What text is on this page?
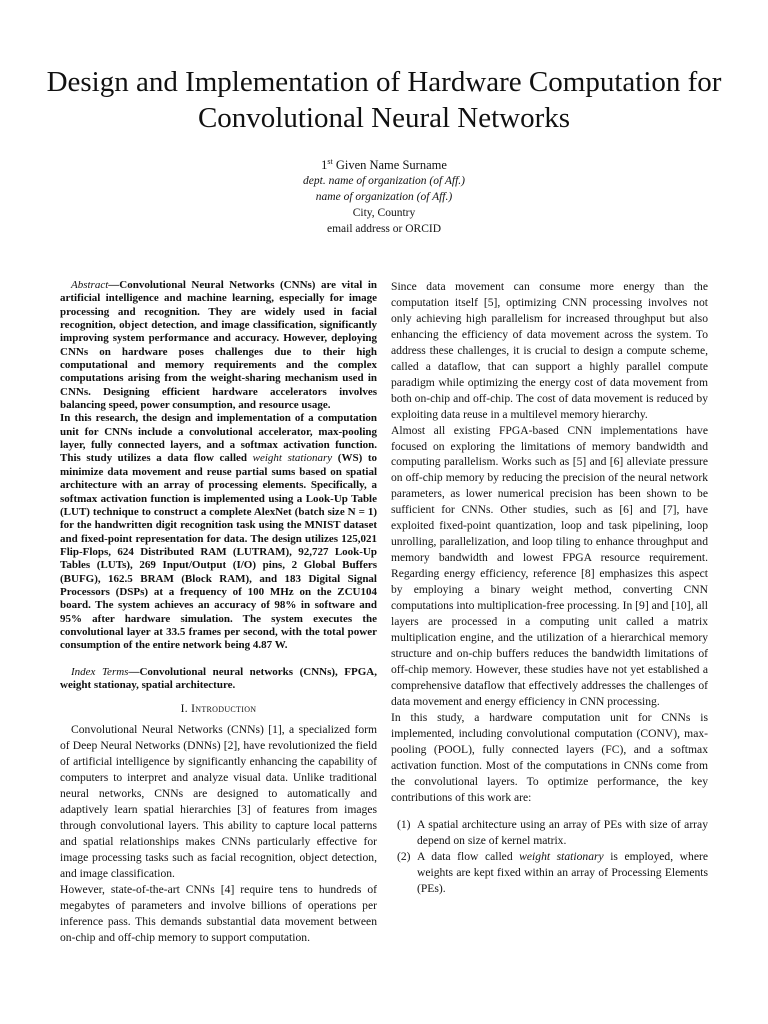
Design and Implementation of Hardware Computation for Convolutional Neural Networks
1st Given Name Surname
dept. name of organization (of Aff.)
name of organization (of Aff.)
City, Country
email address or ORCID

Abstract—Convolutional Neural Networks (CNNs) are vital in artificial intelligence and machine learning, especially for image processing and recognition. They are widely used in facial recognition, object detection, and image classification, significantly improving system performance and accuracy. However, deploying CNNs on hardware poses challenges due to their high computational and memory requirements and the complex computations arising from the weight-sharing mechanism used in CNNs. Designing efficient hardware accelerators involves balancing speed, power consumption, and resource usage.

In this research, the design and implementation of a computation unit for CNNs include a convolutional accelerator, max-pooling layer, fully connected layers, and a softmax activation function. This study utilizes a data flow called weight stationary (WS) to minimize data movement and reuse partial sums based on spatial architecture with an array of processing elements. Specifically, a softmax activation function is implemented using a Look-Up Table (LUT) technique to construct a complete AlexNet (batch size N = 1) for the handwritten digit recognition task using the MNIST dataset and fixed-point representation for data. The design utilizes 125,021 Flip-Flops, 624 Distributed RAM (LUTRAM), 92,727 Look-Up Tables (LUTs), 269 Input/Output (I/O) pins, 2 Global Buffers (BUFG), 162.5 BRAM (Block RAM), and 183 Digital Signal Processors (DSPs) at a frequency of 100 MHz on the ZCU104 board. The system achieves an accuracy of 98% in software and 95% after hardware simulation. The system executes the convolutional layer at 33.5 frames per second, with the total power consumption of the entire network being 4.87 W.

Index Terms—Convolutional neural networks (CNNs), FPGA, weight stationay, spatial architecture.

I. Introduction

Convolutional Neural Networks (CNNs) [1], a specialized form of Deep Neural Networks (DNNs) [2], have revolutionized the field of artificial intelligence by significantly enhancing the capability of computers to interpret and analyze visual data. Unlike traditional neural networks, CNNs are designed to automatically and adaptively learn spatial hierarchies [3] of features from images through convolutional layers. This ability to capture local patterns and spatial relationships makes CNNs particularly effective for image processing tasks such as facial recognition, object detection, and image classification.

However, state-of-the-art CNNs [4] require tens to hundreds of megabytes of parameters and involve billions of operations per inference pass. This demands substantial data movement between on-chip and off-chip memory to support computation.

Since data movement can consume more energy than the computation itself [5], optimizing CNN processing involves not only achieving high parallelism for increased throughput but also enhancing the efficiency of data movement across the system. To address these challenges, it is crucial to design a compute scheme, called a dataflow, that can support a highly parallel compute paradigm while optimizing the energy cost of data movement from both on-chip and off-chip. The cost of data movement is reduced by exploiting data reuse in a multilevel memory hierarchy.

Almost all existing FPGA-based CNN implementations have focused on exploring the limitations of memory bandwidth and computing parallelism. Works such as [5] and [6] alleviate pressure on off-chip memory by reducing the precision of the neural network parameters, as lower numerical precision has been shown to be sufficient for CNNs. Other studies, such as [6] and [7], have exploited fixed-point quantization, loop and task pipelining, loop unrolling, parallelization, and loop tiling to enhance throughput and memory bandwidth and lowest FPGA resource requirement. Regarding energy efficiency, reference [8] emphasizes this aspect by employing a binary weight method, converting CNN computations into multiplication-free processing. In [9] and [10], all layers are processed in a computing unit called a matrix multiplication engine, and the utilization of a hierarchical memory structure and on-chip buffers reduces the bandwidth limitations of off-chip memory. However, these studies have not yet established a comprehensive dataflow that effectively addresses the challenges of data movement and energy efficiency in CNN processing.

In this study, a hardware computation unit for CNNs is implemented, including convolutional computation (CONV), max-pooling (POOL), fully connected layers (FC), and a softmax activation function. Most of the computations in CNNs come from the convolutional layers. To optimize performance, the key contributions of this work are:

(1) A spatial architecture using an array of PEs with size of array depend on size of kernel matrix.
(2) A data flow called weight stationary is employed, where weights are kept fixed within an array of Processing Elements (PEs).
